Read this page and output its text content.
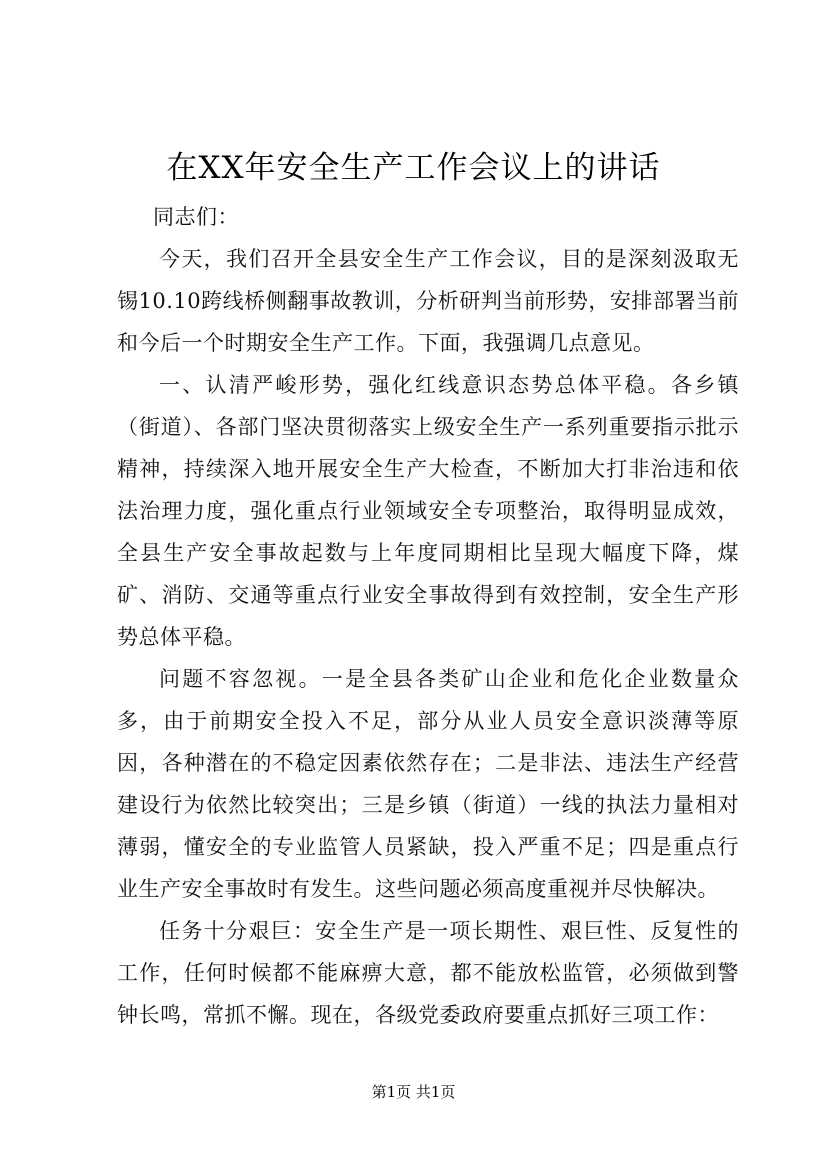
在XX年安全生产工作会议上的讲话

同志们：

今天，我们召开全县安全生产工作会议，目的是深刻汲取无锡10.10跨线桥侧翻事故教训，分析研判当前形势，安排部署当前和今后一个时期安全生产工作。下面，我强调几点意见。

一、认清严峻形势，强化红线意识态势总体平稳。各乡镇（街道）、各部门坚决贯彻落实上级安全生产一系列重要指示批示精神，持续深入地开展安全生产大检查，不断加大打非治违和依法治理力度，强化重点行业领域安全专项整治，取得明显成效，全县生产安全事故起数与上年度同期相比呈现大幅度下降，煤矿、消防、交通等重点行业安全事故得到有效控制，安全生产形势总体平稳。

问题不容忽视。一是全县各类矿山企业和危化企业数量众多，由于前期安全投入不足，部分从业人员安全意识淡薄等原因，各种潜在的不稳定因素依然存在；二是非法、违法生产经营建设行为依然比较突出；三是乡镇（街道）一线的执法力量相对薄弱，懂安全的专业监管人员紧缺，投入严重不足；四是重点行业生产安全事故时有发生。这些问题必须高度重视并尽快解决。

任务十分艰巨：安全生产是一项长期性、艰巨性、反复性的工作，任何时候都不能麻痹大意，都不能放松监管，必须做到警钟长鸣，常抓不懈。现在，各级党委政府要重点抓好三项工作：

第1页 共1页
